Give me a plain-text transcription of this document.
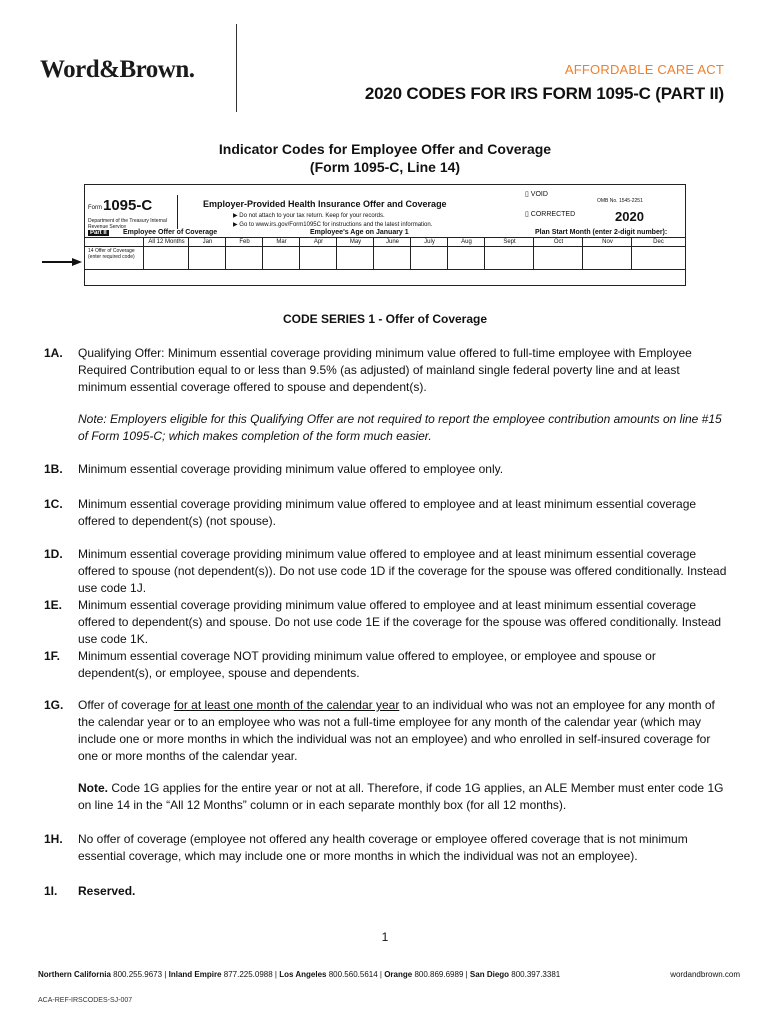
Word&Brown.	AFFORDABLE CARE ACT
2020 CODES FOR IRS FORM 1095-C (PART II)
Indicator Codes for Employee Offer and Coverage
(Form 1095-C, Line 14)
Form 1095-C
Department of the Treasury Internal Revenue Service
Employer-Provided Health Insurance Offer and Coverage
▶ Do not attach to your tax return. Keep for your records.
▶ Go to www.irs.gov/Form1095C for instructions and the latest information.
▯ VOID
▯ CORRECTED
OMB No. 1545-2251
2020
Part II Employee Offer of Coverage	Employee's Age on January 1	Plan Start Month (enter 2-digit number):
14 Offer of Coverage (enter required code)
All 12 Months	Jan	Feb	Mar	Apr	May	June	July	Aug	Sept	Oct	Nov	Dec
CODE SERIES 1 - Offer of Coverage
1A. Qualifying Offer: Minimum essential coverage providing minimum value offered to full-time employee with Employee Required Contribution equal to or less than 9.5% (as adjusted) of mainland single federal poverty line and at least minimum essential coverage offered to spouse and dependent(s).
Note: Employers eligible for this Qualifying Offer are not required to report the employee contribution amounts on line #15 of Form 1095-C; which makes completion of the form much easier.
1B. Minimum essential coverage providing minimum value offered to employee only.
1C. Minimum essential coverage providing minimum value offered to employee and at least minimum essential coverage offered to dependent(s) (not spouse).
1D. Minimum essential coverage providing minimum value offered to employee and at least minimum essential coverage offered to spouse (not dependent(s)). Do not use code 1D if the coverage for the spouse was offered conditionally. Instead use code 1J.
1E. Minimum essential coverage providing minimum value offered to employee and at least minimum essential coverage offered to dependent(s) and spouse. Do not use code 1E if the coverage for the spouse was offered conditionally. Instead use code 1K.
1F. Minimum essential coverage NOT providing minimum value offered to employee, or employee and spouse or dependent(s), or employee, spouse and dependents.
1G. Offer of coverage for at least one month of the calendar year to an individual who was not an employee for any month of the calendar year or to an employee who was not a full-time employee for any month of the calendar year (which may include one or more months in which the individual was not an employee) and who enrolled in self-insured coverage for one or more months of the calendar year.
Note. Code 1G applies for the entire year or not at all. Therefore, if code 1G applies, an ALE Member must enter code 1G on line 14 in the “All 12 Months” column or in each separate monthly box (for all 12 months).
1H. No offer of coverage (employee not offered any health coverage or employee offered coverage that is not minimum essential coverage, which may include one or more months in which the individual was not an employee).
1I. Reserved.
1
Northern California 800.255.9673 | Inland Empire 877.225.0988 | Los Angeles 800.560.5614 | Orange 800.869.6989 | San Diego 800.397.3381	wordandbrown.com
ACA-REF-IRSCODES-SJ-007
